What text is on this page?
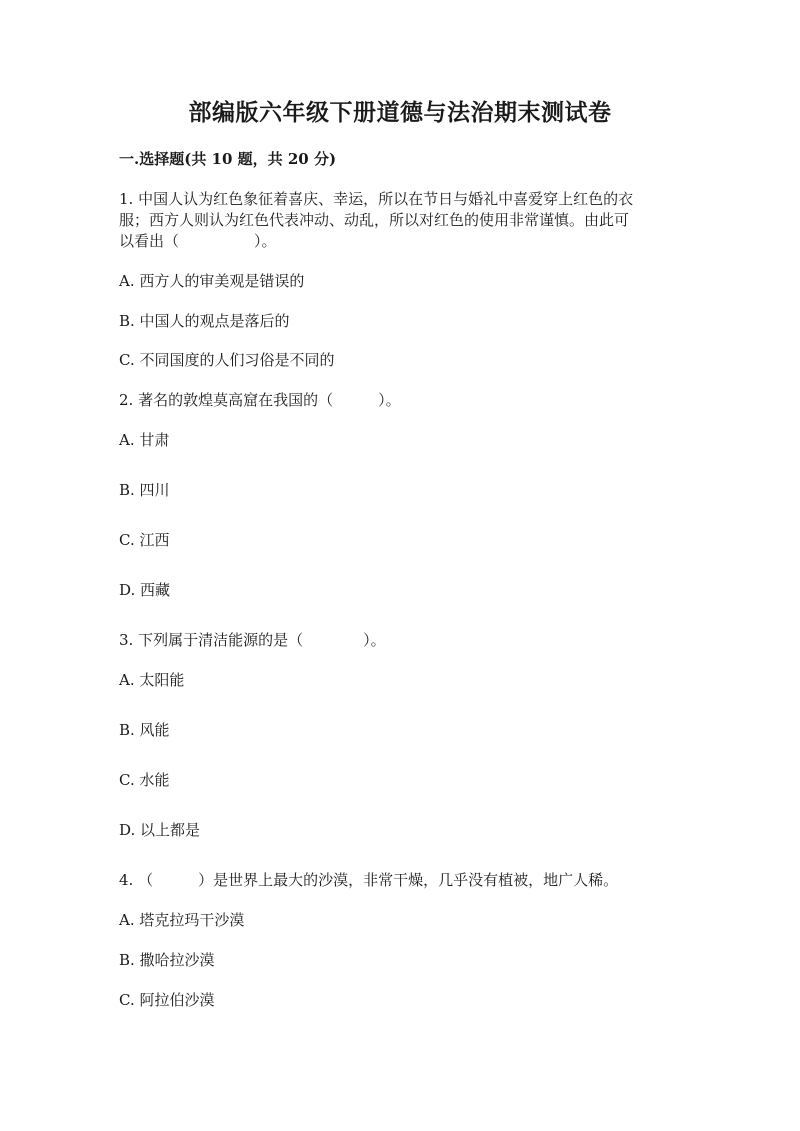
部编版六年级下册道德与法治期末测试卷
一.选择题(共 10 题，共 20 分)
1. 中国人认为红色象征着喜庆、幸运，所以在节日与婚礼中喜爱穿上红色的衣
服；西方人则认为红色代表冲动、动乱，所以对红色的使用非常谨慎。由此可
以看出（　　　　　）。
A. 西方人的审美观是错误的
B. 中国人的观点是落后的
C. 不同国度的人们习俗是不同的
2. 著名的敦煌莫高窟在我国的（　　　）。
A. 甘肃
B. 四川
C. 江西
D. 西藏
3. 下列属于清洁能源的是（　　　　）。
A. 太阳能
B. 风能
C. 水能
D. 以上都是
4. （　　　）是世界上最大的沙漠，非常干燥，几乎没有植被，地广人稀。
A. 塔克拉玛干沙漠
B. 撒哈拉沙漠
C. 阿拉伯沙漠
